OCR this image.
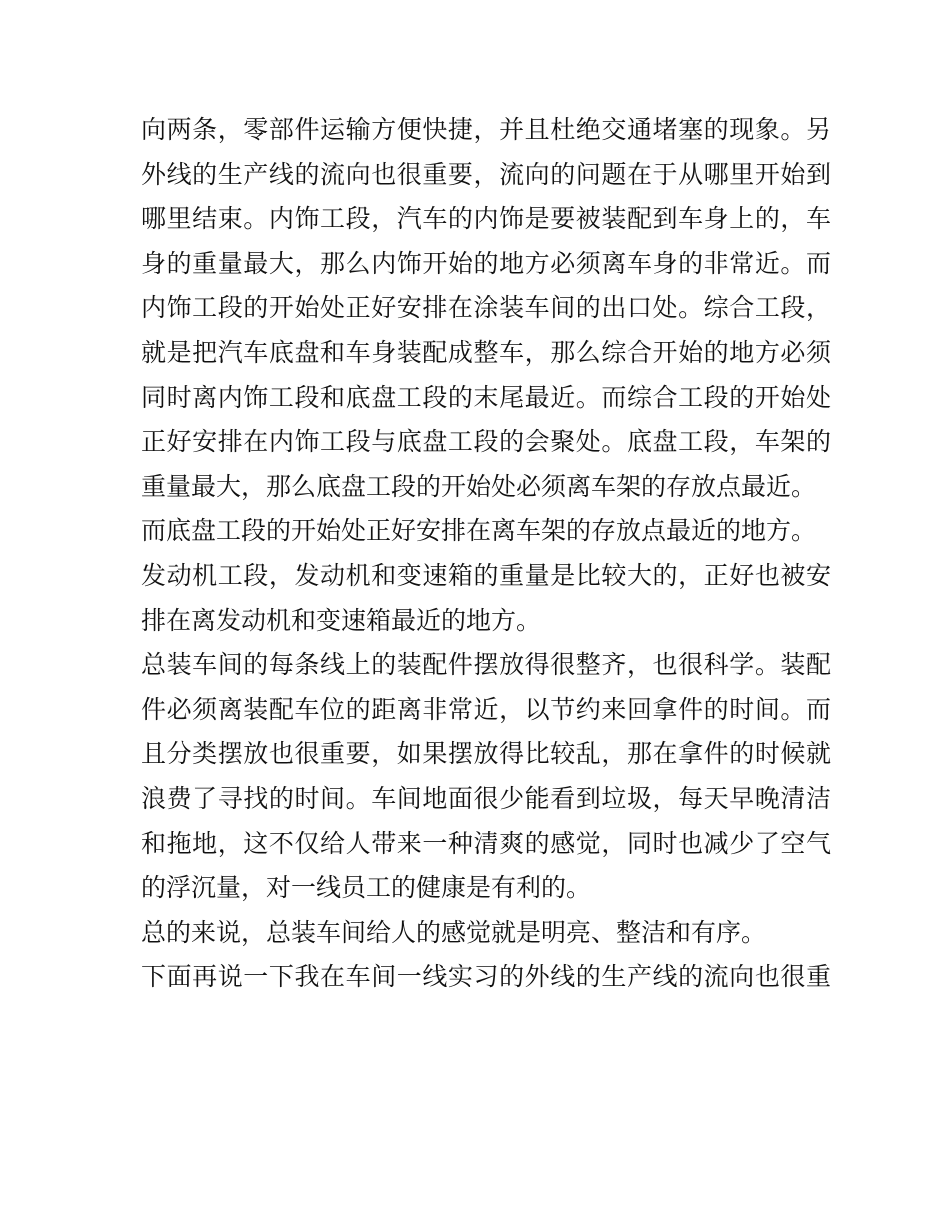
向两条，零部件运输方便快捷，并且杜绝交通堵塞的现象。另
外线的生产线的流向也很重要，流向的问题在于从哪里开始到
哪里结束。内饰工段，汽车的内饰是要被装配到车身上的，车
身的重量最大，那么内饰开始的地方必须离车身的非常近。而
内饰工段的开始处正好安排在涂装车间的出口处。综合工段，
就是把汽车底盘和车身装配成整车，那么综合开始的地方必须
同时离内饰工段和底盘工段的末尾最近。而综合工段的开始处
正好安排在内饰工段与底盘工段的会聚处。底盘工段，车架的
重量最大，那么底盘工段的开始处必须离车架的存放点最近。
而底盘工段的开始处正好安排在离车架的存放点最近的地方。
发动机工段，发动机和变速箱的重量是比较大的，正好也被安
排在离发动机和变速箱最近的地方。
总装车间的每条线上的装配件摆放得很整齐，也很科学。装配
件必须离装配车位的距离非常近，以节约来回拿件的时间。而
且分类摆放也很重要，如果摆放得比较乱，那在拿件的时候就
浪费了寻找的时间。车间地面很少能看到垃圾，每天早晚清洁
和拖地，这不仅给人带来一种清爽的感觉，同时也减少了空气
的浮沉量，对一线员工的健康是有利的。
总的来说，总装车间给人的感觉就是明亮、整洁和有序。
下面再说一下我在车间一线实习的外线的生产线的流向也很重
